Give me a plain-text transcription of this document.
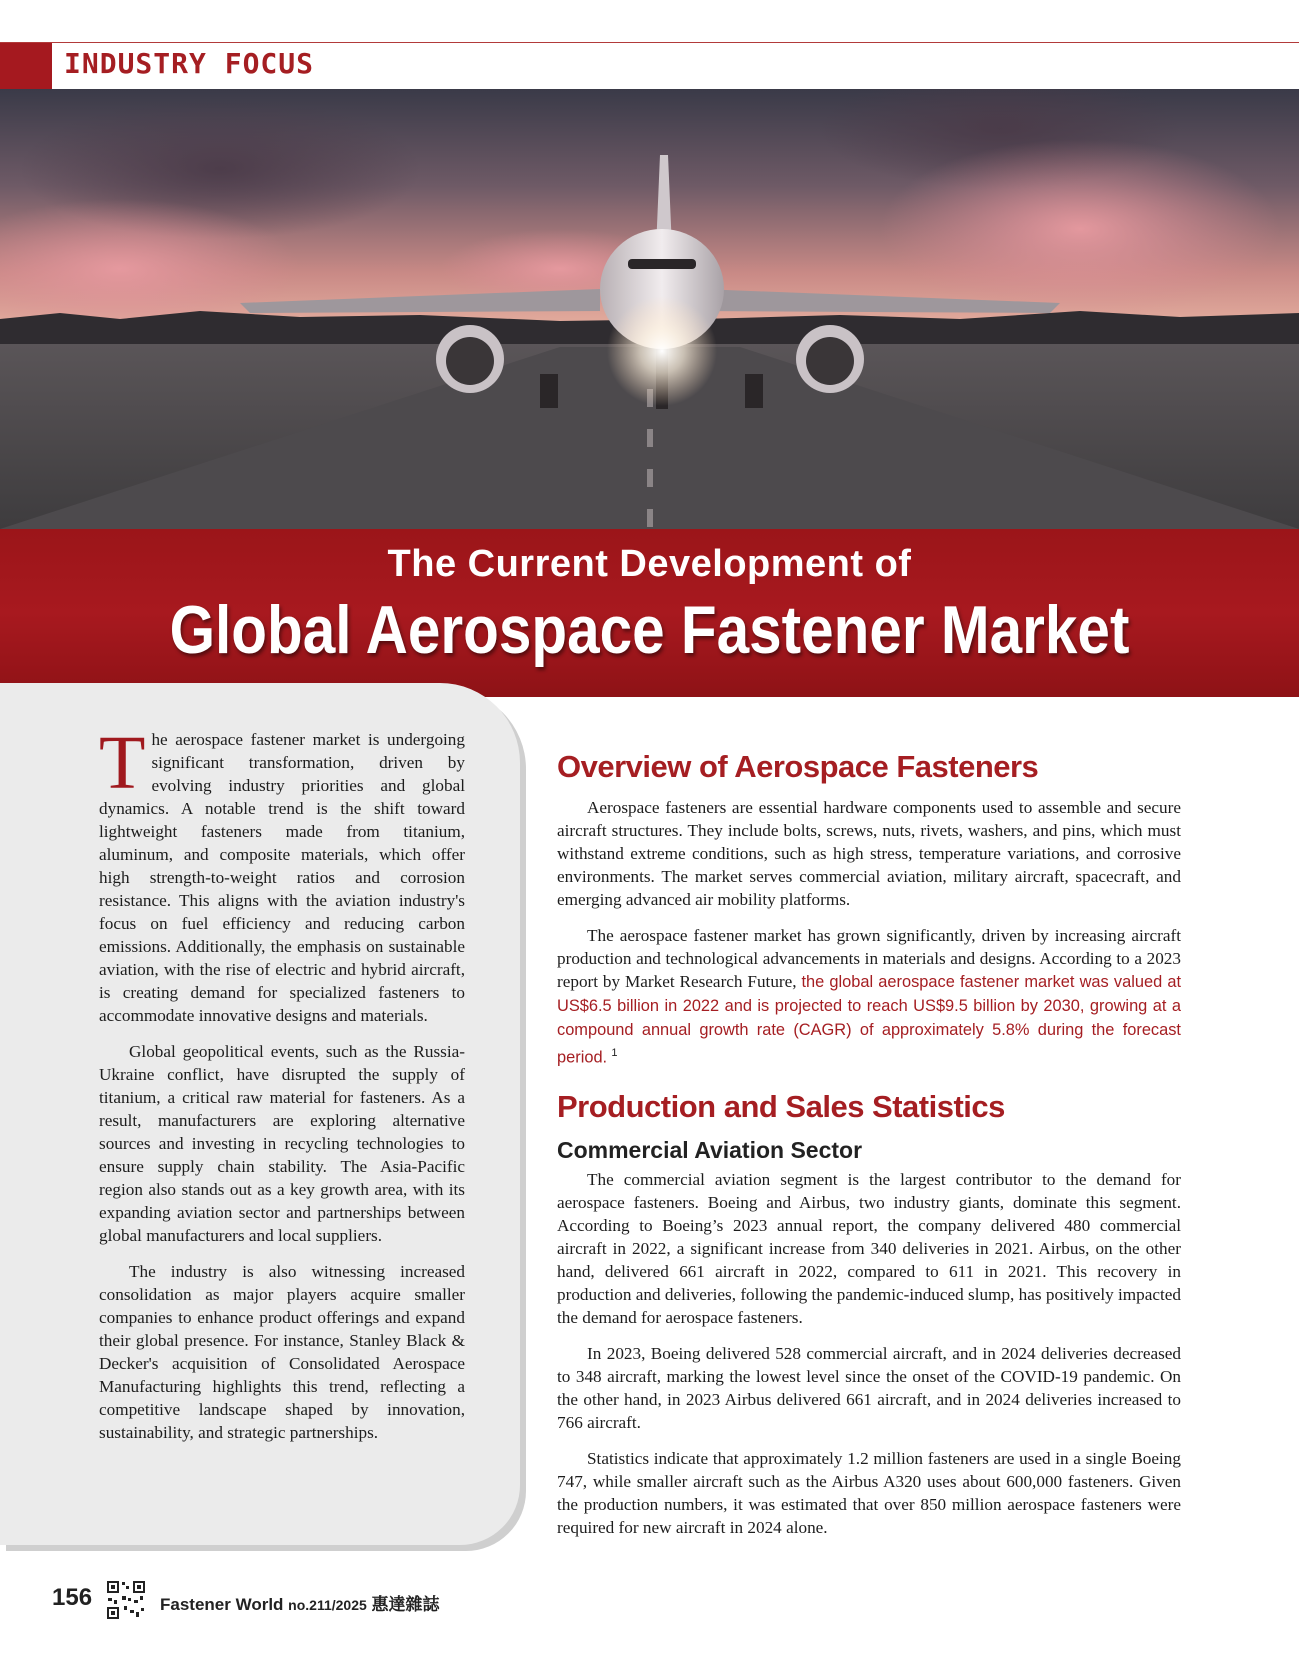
INDUSTRY FOCUS
The Current Development of
Global Aerospace Fastener Market

The aerospace fastener market is undergoing significant transformation, driven by evolving industry priorities and global dynamics. A notable trend is the shift toward lightweight fasteners made from titanium, aluminum, and composite materials, which offer high strength-to-weight ratios and corrosion resistance. This aligns with the aviation industry's focus on fuel efficiency and reducing carbon emissions. Additionally, the emphasis on sustainable aviation, with the rise of electric and hybrid aircraft, is creating demand for specialized fasteners to accommodate innovative designs and materials.

Global geopolitical events, such as the Russia-Ukraine conflict, have disrupted the supply of titanium, a critical raw material for fasteners. As a result, manufacturers are exploring alternative sources and investing in recycling technologies to ensure supply chain stability. The Asia-Pacific region also stands out as a key growth area, with its expanding aviation sector and partnerships between global manufacturers and local suppliers.

The industry is also witnessing increased consolidation as major players acquire smaller companies to enhance product offerings and expand their global presence. For instance, Stanley Black & Decker's acquisition of Consolidated Aerospace Manufacturing highlights this trend, reflecting a competitive landscape shaped by innovation, sustainability, and strategic partnerships.

Overview of Aerospace Fasteners

Aerospace fasteners are essential hardware components used to assemble and secure aircraft structures. They include bolts, screws, nuts, rivets, washers, and pins, which must withstand extreme conditions, such as high stress, temperature variations, and corrosive environments. The market serves commercial aviation, military aircraft, spacecraft, and emerging advanced air mobility platforms.

The aerospace fastener market has grown significantly, driven by increasing aircraft production and technological advancements in materials and designs. According to a 2023 report by Market Research Future, the global aerospace fastener market was valued at US$6.5 billion in 2022 and is projected to reach US$9.5 billion by 2030, growing at a compound annual growth rate (CAGR) of approximately 5.8% during the forecast period. $^1$

Production and Sales Statistics
Commercial Aviation Sector

The commercial aviation segment is the largest contributor to the demand for aerospace fasteners. Boeing and Airbus, two industry giants, dominate this segment. According to Boeing’s 2023 annual report, the company delivered 480 commercial aircraft in 2022, a significant increase from 340 deliveries in 2021. Airbus, on the other hand, delivered 661 aircraft in 2022, compared to 611 in 2021. This recovery in production and deliveries, following the pandemic-induced slump, has positively impacted the demand for aerospace fasteners.

In 2023, Boeing delivered 528 commercial aircraft, and in 2024 deliveries decreased to 348 aircraft, marking the lowest level since the onset of the COVID-19 pandemic. On the other hand, in 2023 Airbus delivered 661 aircraft, and in 2024 deliveries increased to 766 aircraft.

Statistics indicate that approximately 1.2 million fasteners are used in a single Boeing 747, while smaller aircraft such as the Airbus A320 uses about 600,000 fasteners. Given the production numbers, it was estimated that over 850 million aerospace fasteners were required for new aircraft in 2024 alone.

156	Fastener World no.211/2025 惠達雜誌
